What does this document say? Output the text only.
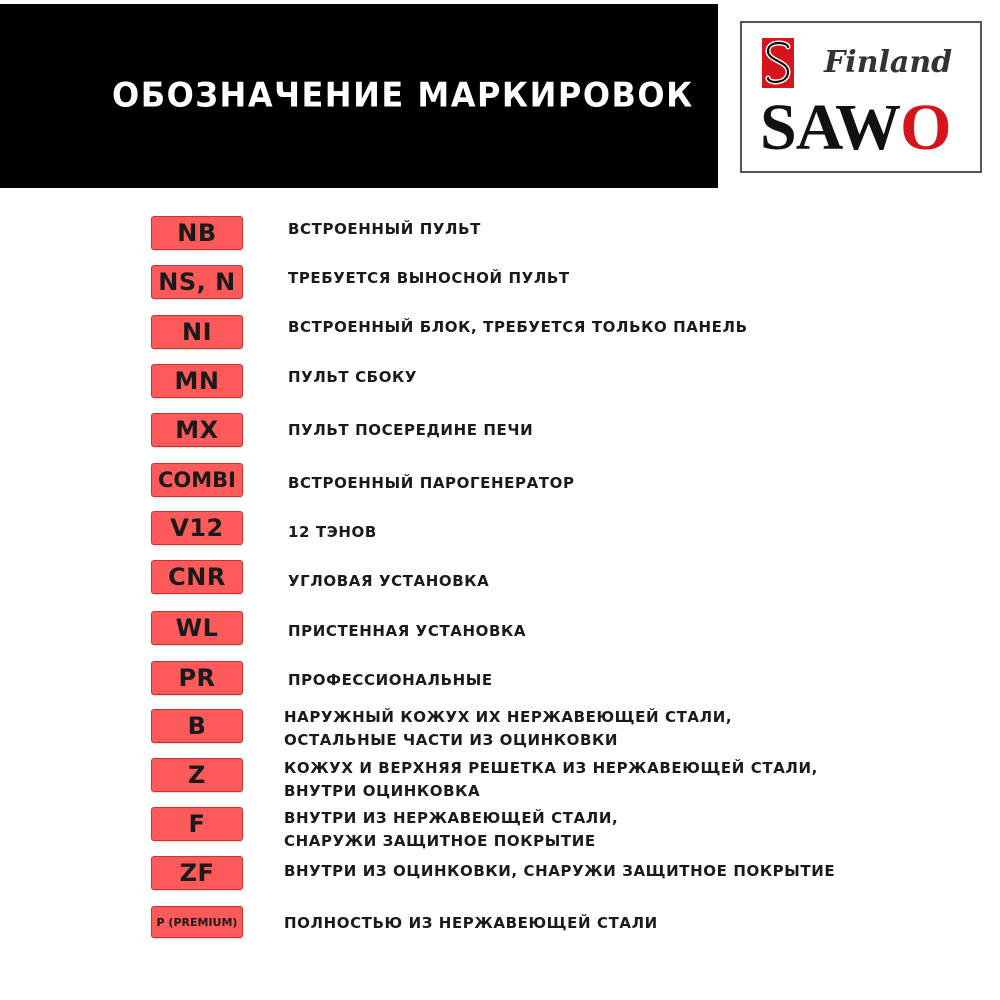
ОБОЗНАЧЕНИЕ МАРКИРОВОК
Finland
SAWO
NB	ВСТРОЕННЫЙ ПУЛЬТ
NS, N	ТРЕБУЕТСЯ ВЫНОСНОЙ ПУЛЬТ
NI	ВСТРОЕННЫЙ БЛОК, ТРЕБУЕТСЯ ТОЛЬКО ПАНЕЛЬ
MN	ПУЛЬТ СБОКУ
MX	ПУЛЬТ ПОСЕРЕДИНЕ ПЕЧИ
COMBI	ВСТРОЕННЫЙ ПАРОГЕНЕРАТОР
V12	12 ТЭНОВ
CNR	УГЛОВАЯ УСТАНОВКА
WL	ПРИСТЕННАЯ УСТАНОВКА
PR	ПРОФЕССИОНАЛЬНЫЕ
B	НАРУЖНЫЙ КОЖУХ ИХ НЕРЖАВЕЮЩЕЙ СТАЛИ,
ОСТАЛЬНЫЕ ЧАСТИ ИЗ ОЦИНКОВКИ
Z	КОЖУХ И ВЕРХНЯЯ РЕШЕТКА ИЗ НЕРЖАВЕЮЩЕЙ СТАЛИ,
ВНУТРИ ОЦИНКОВКА
F	ВНУТРИ ИЗ НЕРЖАВЕЮЩЕЙ СТАЛИ,
СНАРУЖИ ЗАЩИТНОЕ ПОКРЫТИЕ
ZF	ВНУТРИ ИЗ ОЦИНКОВКИ, СНАРУЖИ ЗАЩИТНОЕ ПОКРЫТИЕ
P (PREMIUM)	ПОЛНОСТЬЮ ИЗ НЕРЖАВЕЮЩЕЙ СТАЛИ
